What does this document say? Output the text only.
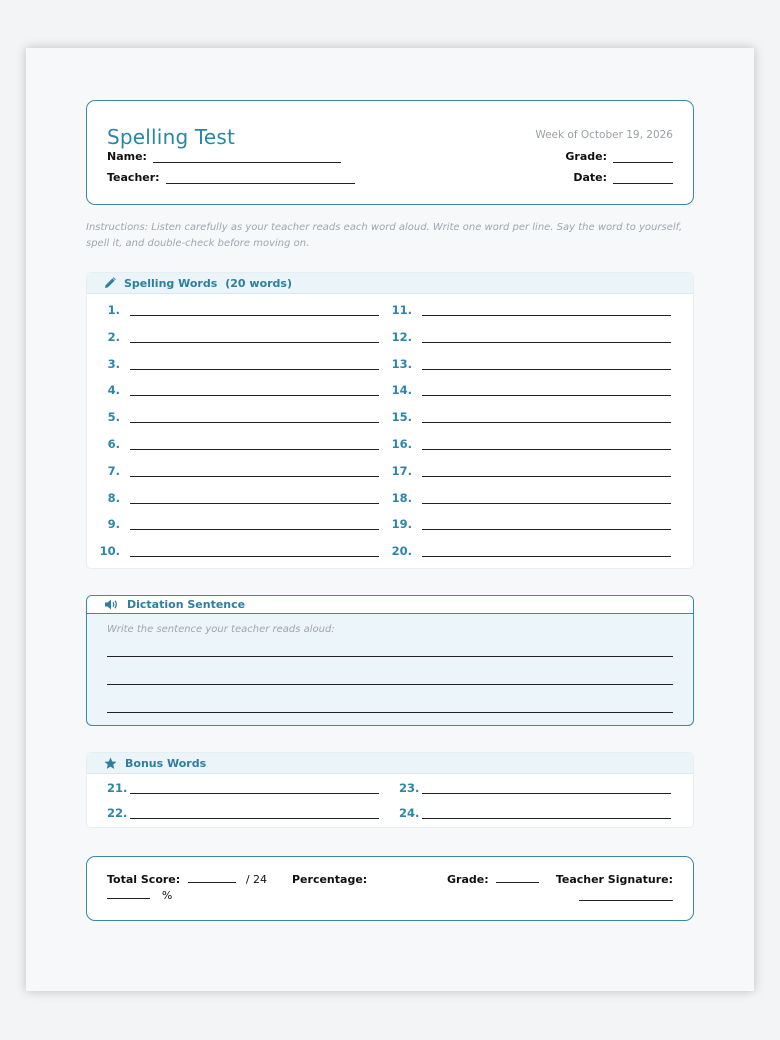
Spelling Test	Week of October 19, 2026
Name:
Teacher:
Grade:
Date:
Instructions: Listen carefully as your teacher reads each word aloud. Write one word per line. Say the word to yourself, spell it, and double-check before moving on.
Spelling Words (20 words)
1.
2.
3.
4.
5.
6.
7.
8.
9.
10.
11.
12.
13.
14.
15.
16.
17.
18.
19.
20.
Dictation Sentence
Write the sentence your teacher reads aloud:
Bonus Words
21.
22.
23.
24.
Total Score:	/ 24
%
Percentage:	Grade:	Teacher Signature:
